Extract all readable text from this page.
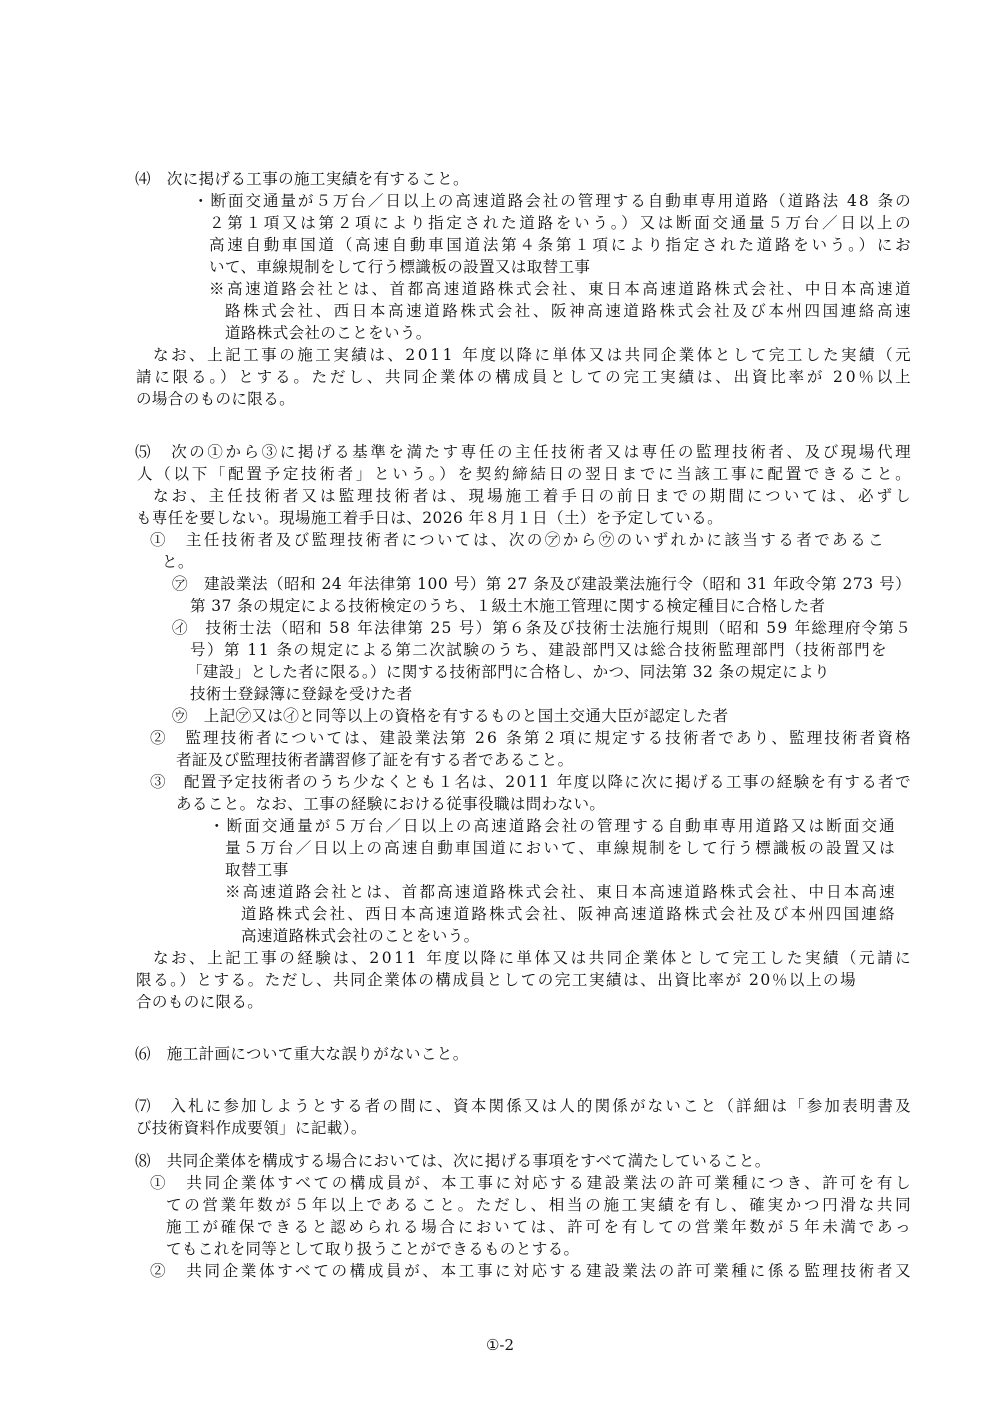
⑷　次に掲げる工事の施工実績を有すること。
・断面交通量が５万台／日以上の高速道路会社の管理する自動車専用道路（道路法 48 条の
２第１項又は第２項により指定された道路をいう。）又は断面交通量５万台／日以上の
高速自動車国道（高速自動車国道法第４条第１項により指定された道路をいう。）にお
いて、車線規制をして行う標識板の設置又は取替工事
※高速道路会社とは、首都高速道路株式会社、東日本高速道路株式会社、中日本高速道
路株式会社、西日本高速道路株式会社、阪神高速道路株式会社及び本州四国連絡高速
道路株式会社のことをいう。
なお、上記工事の施工実績は、2011 年度以降に単体又は共同企業体として完工した実績（元
請に限る。）とする。ただし、共同企業体の構成員としての完工実績は、出資比率が 20％以上
の場合のものに限る。
⑸　次の①から③に掲げる基準を満たす専任の主任技術者又は専任の監理技術者、及び現場代理
人（以下「配置予定技術者」という。）を契約締結日の翌日までに当該工事に配置できること。
なお、主任技術者又は監理技術者は、現場施工着手日の前日までの期間については、必ずし
も専任を要しない。現場施工着手日は、2026 年８月１日（土）を予定している。
①　主任技術者及び監理技術者については、次の㋐から㋒のいずれかに該当する者であるこ
と。
㋐　建設業法（昭和 24 年法律第 100 号）第 27 条及び建設業法施行令（昭和 31 年政令第 273 号）
第 37 条の規定による技術検定のうち、１級土木施工管理に関する検定種目に合格した者
㋑　技術士法（昭和 58 年法律第 25 号）第６条及び技術士法施行規則（昭和 59 年総理府令第５
号）第 11 条の規定による第二次試験のうち、建設部門又は総合技術監理部門（技術部門を
「建設」とした者に限る。）に関する技術部門に合格し、かつ、同法第 32 条の規定により
技術士登録簿に登録を受けた者
㋒　上記㋐又は㋑と同等以上の資格を有するものと国土交通大臣が認定した者
②　監理技術者については、建設業法第 26 条第２項に規定する技術者であり、監理技術者資格
者証及び監理技術者講習修了証を有する者であること。
③　配置予定技術者のうち少なくとも１名は、2011 年度以降に次に掲げる工事の経験を有する者で
あること。なお、工事の経験における従事役職は問わない。
・断面交通量が５万台／日以上の高速道路会社の管理する自動車専用道路又は断面交通
量５万台／日以上の高速自動車国道において、車線規制をして行う標識板の設置又は
取替工事
※高速道路会社とは、首都高速道路株式会社、東日本高速道路株式会社、中日本高速
道路株式会社、西日本高速道路株式会社、阪神高速道路株式会社及び本州四国連絡
高速道路株式会社のことをいう。
なお、上記工事の経験は、2011 年度以降に単体又は共同企業体として完工した実績（元請に
限る。）とする。ただし、共同企業体の構成員としての完工実績は、出資比率が 20％以上の場
合のものに限る。
⑹　施工計画について重大な誤りがないこと。
⑺　入札に参加しようとする者の間に、資本関係又は人的関係がないこと（詳細は「参加表明書及
び技術資料作成要領」に記載）。
⑻　共同企業体を構成する場合においては、次に掲げる事項をすべて満たしていること。
①　共同企業体すべての構成員が、本工事に対応する建設業法の許可業種につき、許可を有し
ての営業年数が５年以上であること。ただし、相当の施工実績を有し、確実かつ円滑な共同
施工が確保できると認められる場合においては、許可を有しての営業年数が５年未満であっ
てもこれを同等として取り扱うことができるものとする。
②　共同企業体すべての構成員が、本工事に対応する建設業法の許可業種に係る監理技術者又
①-2
